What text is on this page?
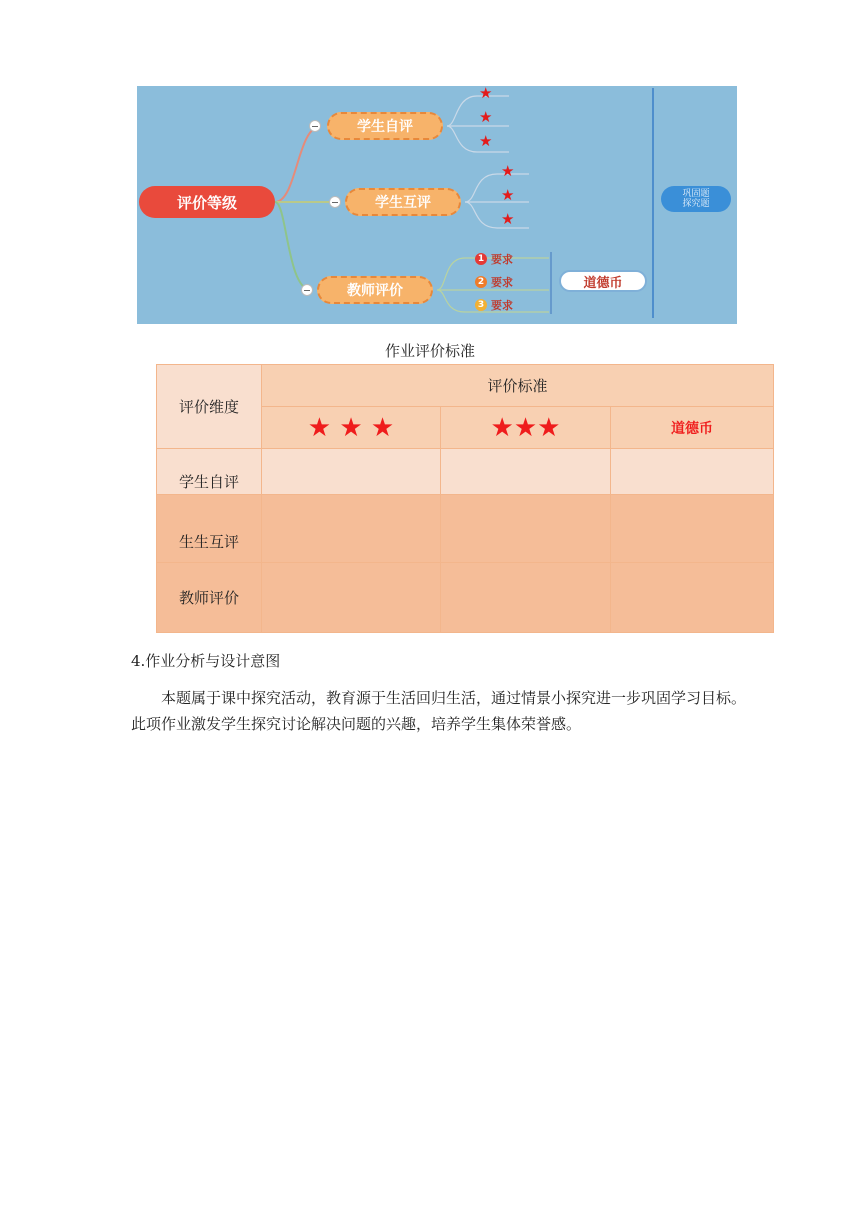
评价等级
学生自评
学生互评
教师评价
★
★
★
★
★
★
1 要求
2 要求
3 要求
道德币
巩固题
探究题
作业评价标准
评价维度	评价标准		
	★ ★ ★	★★★	道德币
学生自评			
生生互评			
教师评价			
4.作业分析与设计意图

本题属于课中探究活动，教育源于生活回归生活，通过情景小探究进一步巩固学习目标。此项作业激发学生探究讨论解决问题的兴趣，培养学生集体荣誉感。
